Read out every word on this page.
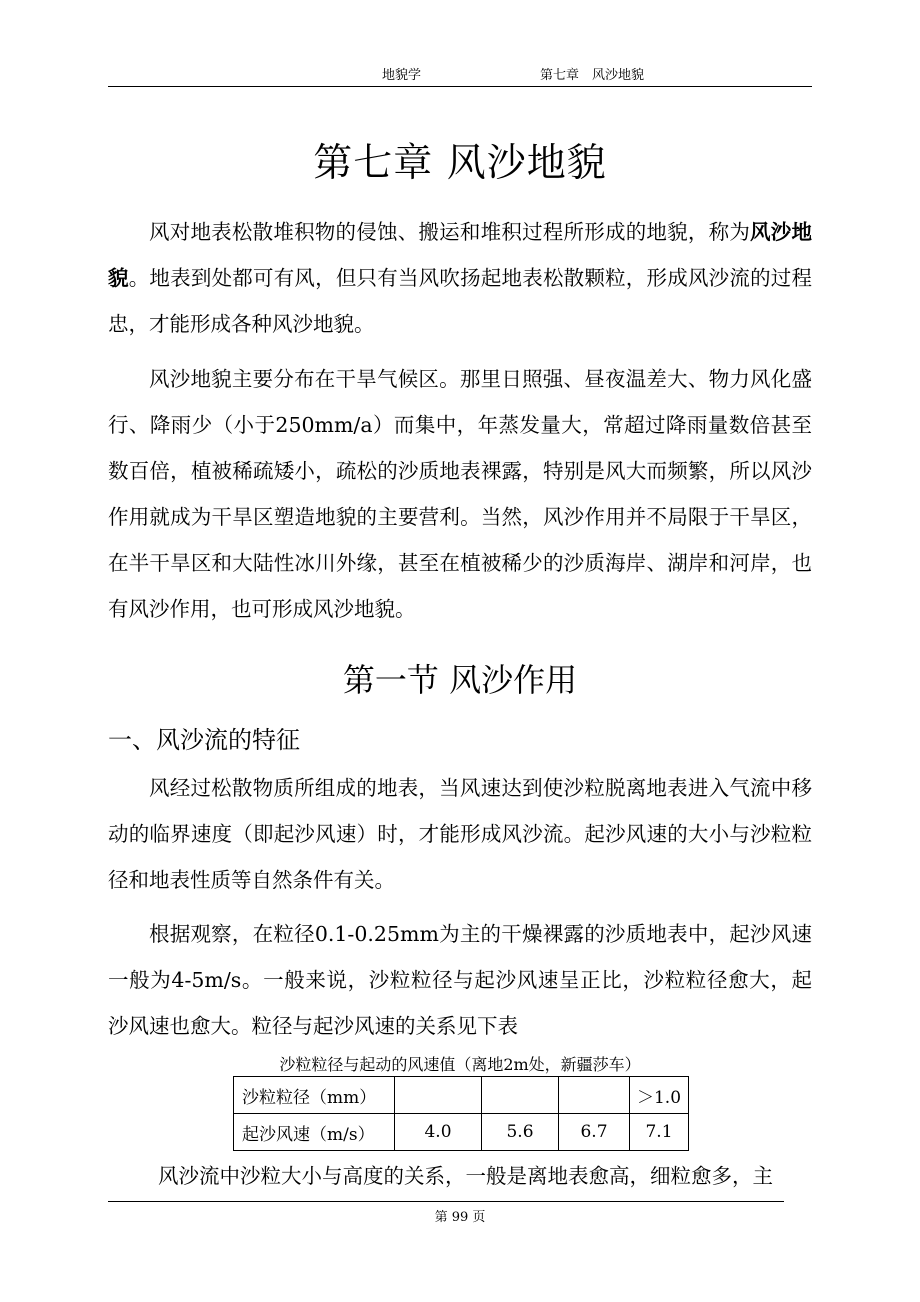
地貌学	第七章　风沙地貌
第七章 风沙地貌

风对地表松散堆积物的侵蚀、搬运和堆积过程所形成的地貌，称为风沙地貌。地表到处都可有风，但只有当风吹扬起地表松散颗粒，形成风沙流的过程忠，才能形成各种风沙地貌。

风沙地貌主要分布在干旱气候区。那里日照强、昼夜温差大、物力风化盛行、降雨少（小于250mm/a）而集中，年蒸发量大，常超过降雨量数倍甚至数百倍，植被稀疏矮小，疏松的沙质地表裸露，特别是风大而频繁，所以风沙作用就成为干旱区塑造地貌的主要营利。当然，风沙作用并不局限于干旱区，在半干旱区和大陆性冰川外缘，甚至在植被稀少的沙质海岸、湖岸和河岸，也有风沙作用，也可形成风沙地貌。

第一节 风沙作用
一、风沙流的特征

风经过松散物质所组成的地表，当风速达到使沙粒脱离地表进入气流中移动的临界速度（即起沙风速）时，才能形成风沙流。起沙风速的大小与沙粒粒径和地表性质等自然条件有关。

根据观察，在粒径0.1-0.25mm为主的干燥裸露的沙质地表中，起沙风速一般为4-5m/s。一般来说，沙粒粒径与起沙风速呈正比，沙粒粒径愈大，起沙风速也愈大。粒径与起沙风速的关系见下表

沙粒粒径与起动的风速值（离地2m处，新疆莎车）
沙粒粒径（mm）				＞1.0
起沙风速（m/s）	4.0	5.6	6.7	7.1

风沙流中沙粒大小与高度的关系，一般是离地表愈高，细粒愈多，主

第 99 页
